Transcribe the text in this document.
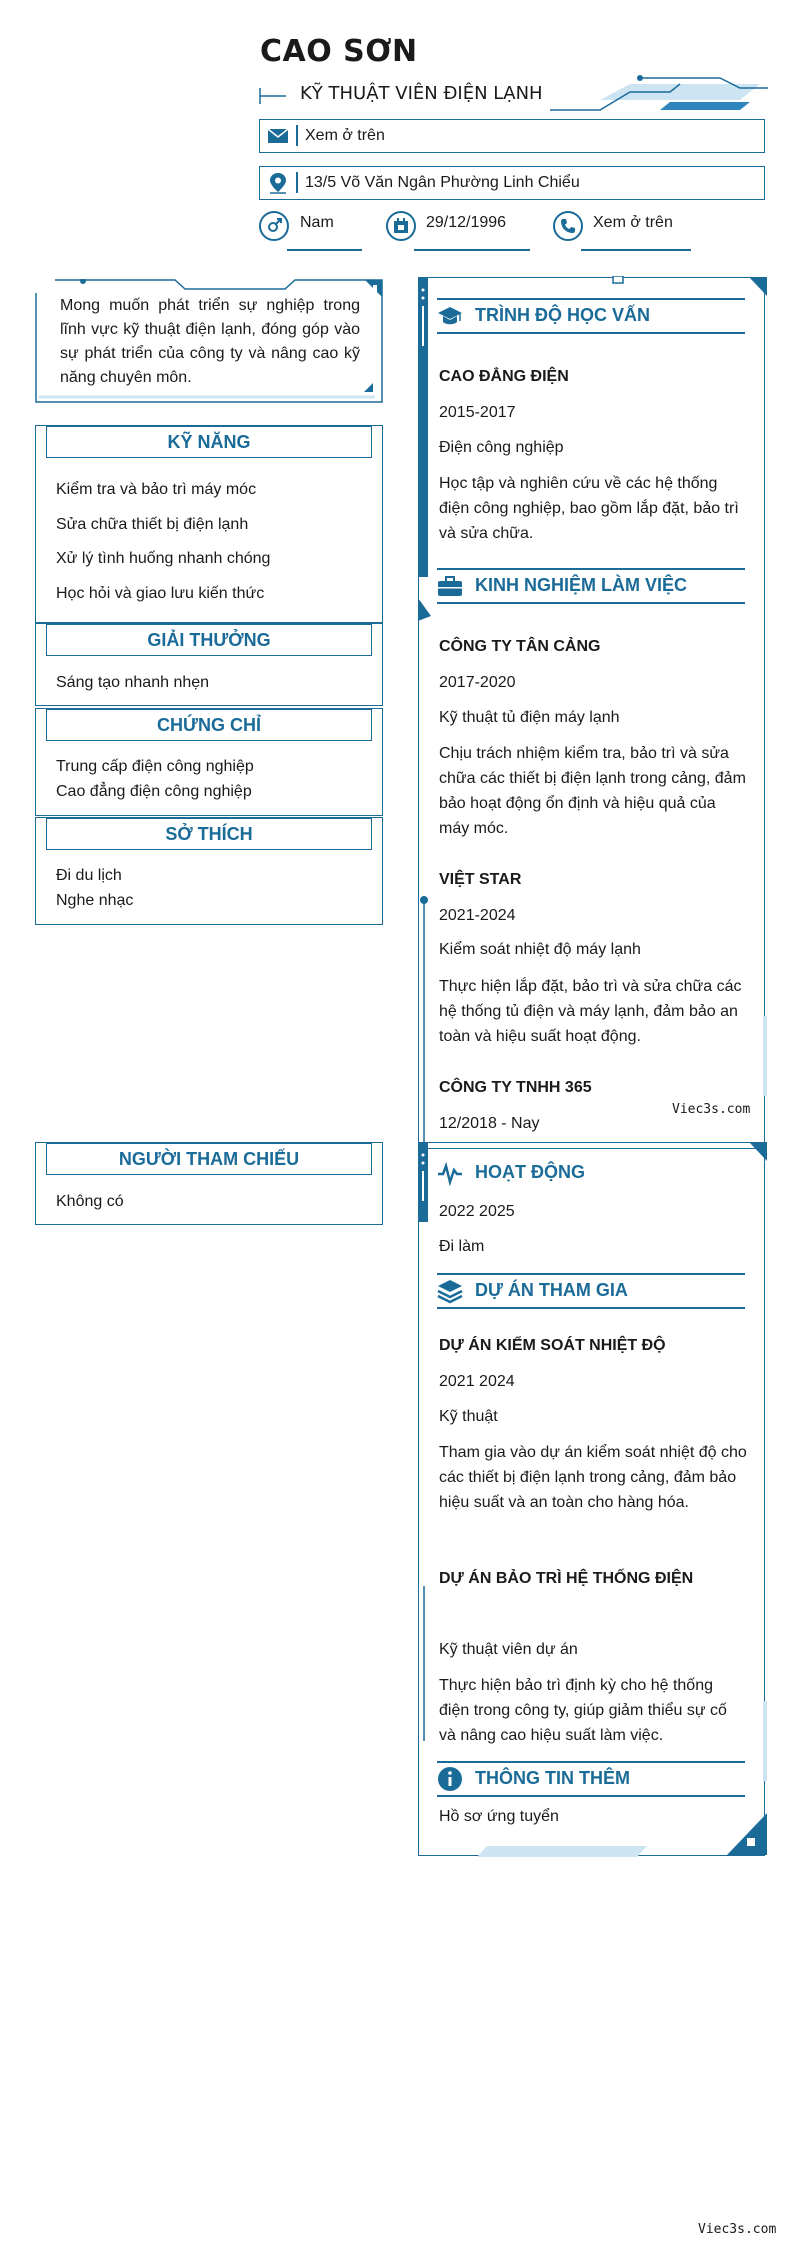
CAO SƠN
KỸ THUẬT VIÊN ĐIỆN LẠNH
Xem ở trên
13/5 Võ Văn Ngân Phường Linh Chiểu
Nam	29/12/1996	Xem ở trên
Mong muốn phát triển sự nghiệp trong lĩnh vực kỹ thuật điện lạnh, đóng góp vào sự phát triển của công ty và nâng cao kỹ năng chuyên môn.
KỸ NĂNG
Kiểm tra và bảo trì máy móc
Sửa chữa thiết bị điện lạnh
Xử lý tình huống nhanh chóng
Học hỏi và giao lưu kiến thức
GIẢI THƯỞNG
Sáng tạo nhanh nhẹn
CHỨNG CHỈ
Trung cấp điện công nghiệp
Cao đẳng điện công nghiệp
SỞ THÍCH
Đi du lịch
Nghe nhạc
NGƯỜI THAM CHIẾU
Không có
TRÌNH ĐỘ HỌC VẤN
CAO ĐẲNG ĐIỆN
2015-2017
Điện công nghiệp
Học tập và nghiên cứu về các hệ thống điện công nghiệp, bao gồm lắp đặt, bảo trì và sửa chữa.
KINH NGHIỆM LÀM VIỆC
CÔNG TY TÂN CẢNG
2017-2020
Kỹ thuật tủ điện máy lạnh
Chịu trách nhiệm kiểm tra, bảo trì và sửa chữa các thiết bị điện lạnh trong cảng, đảm bảo hoạt động ổn định và hiệu quả của máy móc.
VIỆT STAR
2021-2024
Kiểm soát nhiệt độ máy lạnh
Thực hiện lắp đặt, bảo trì và sửa chữa các hệ thống tủ điện và máy lạnh, đảm bảo an toàn và hiệu suất hoạt động.
CÔNG TY TNHH 365
12/2018 - Nay
Viec3s.com
HOẠT ĐỘNG
2022 2025
Đi làm
DỰ ÁN THAM GIA
DỰ ÁN KIỂM SOÁT NHIỆT ĐỘ
2021 2024
Kỹ thuật
Tham gia vào dự án kiểm soát nhiệt độ cho các thiết bị điện lạnh trong cảng, đảm bảo hiệu suất và an toàn cho hàng hóa.
DỰ ÁN BẢO TRÌ HỆ THỐNG ĐIỆN
Kỹ thuật viên dự án
Thực hiện bảo trì định kỳ cho hệ thống điện trong công ty, giúp giảm thiểu sự cố và nâng cao hiệu suất làm việc.
THÔNG TIN THÊM
Hồ sơ ứng tuyển
Viec3s.com
